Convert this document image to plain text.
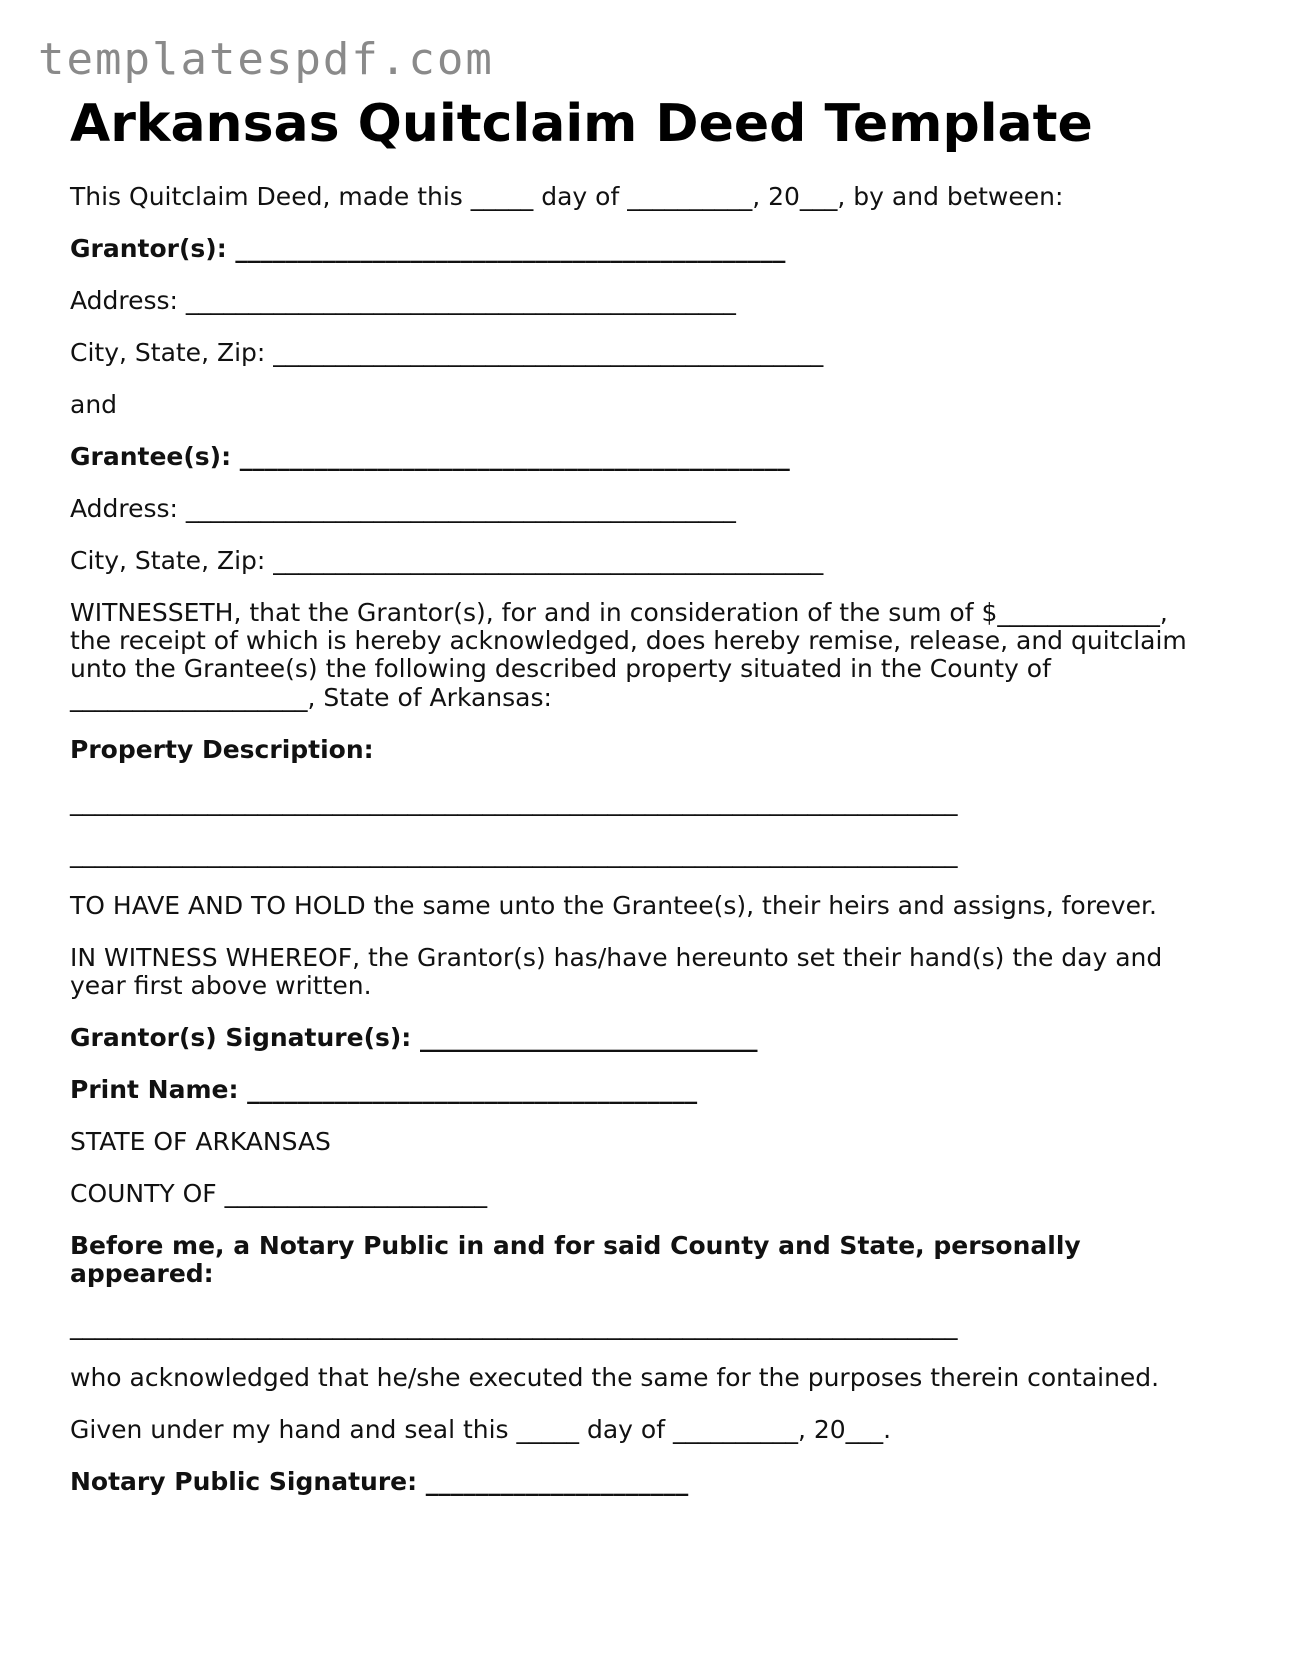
templatespdf.com
Arkansas Quitclaim Deed Template

This Quitclaim Deed, made this _____ day of __________, 20___, by and between:

Grantor(s): ____________________________________________

Address: ____________________________________________

City, State, Zip: ____________________________________________

and

Grantee(s): ____________________________________________

Address: ____________________________________________

City, State, Zip: ____________________________________________

WITNESSETH, that the Grantor(s), for and in consideration of the sum of $_____________,

the receipt of which is hereby acknowledged, does hereby remise, release, and quitclaim

unto the Grantee(s) the following described property situated in the County of

___________________, State of Arkansas:

Property Description:

_______________________________________________________________________

_______________________________________________________________________

TO HAVE AND TO HOLD the same unto the Grantee(s), their heirs and assigns, forever.

IN WITNESS WHEREOF, the Grantor(s) has/have hereunto set their hand(s) the day and

year first above written.

Grantor(s) Signature(s): ___________________________

Print Name: ____________________________________

STATE OF ARKANSAS

COUNTY OF _____________________

Before me, a Notary Public in and for said County and State, personally

appeared:

_______________________________________________________________________

who acknowledged that he/she executed the same for the purposes therein contained.

Given under my hand and seal this _____ day of __________, 20___.

Notary Public Signature: _____________________
